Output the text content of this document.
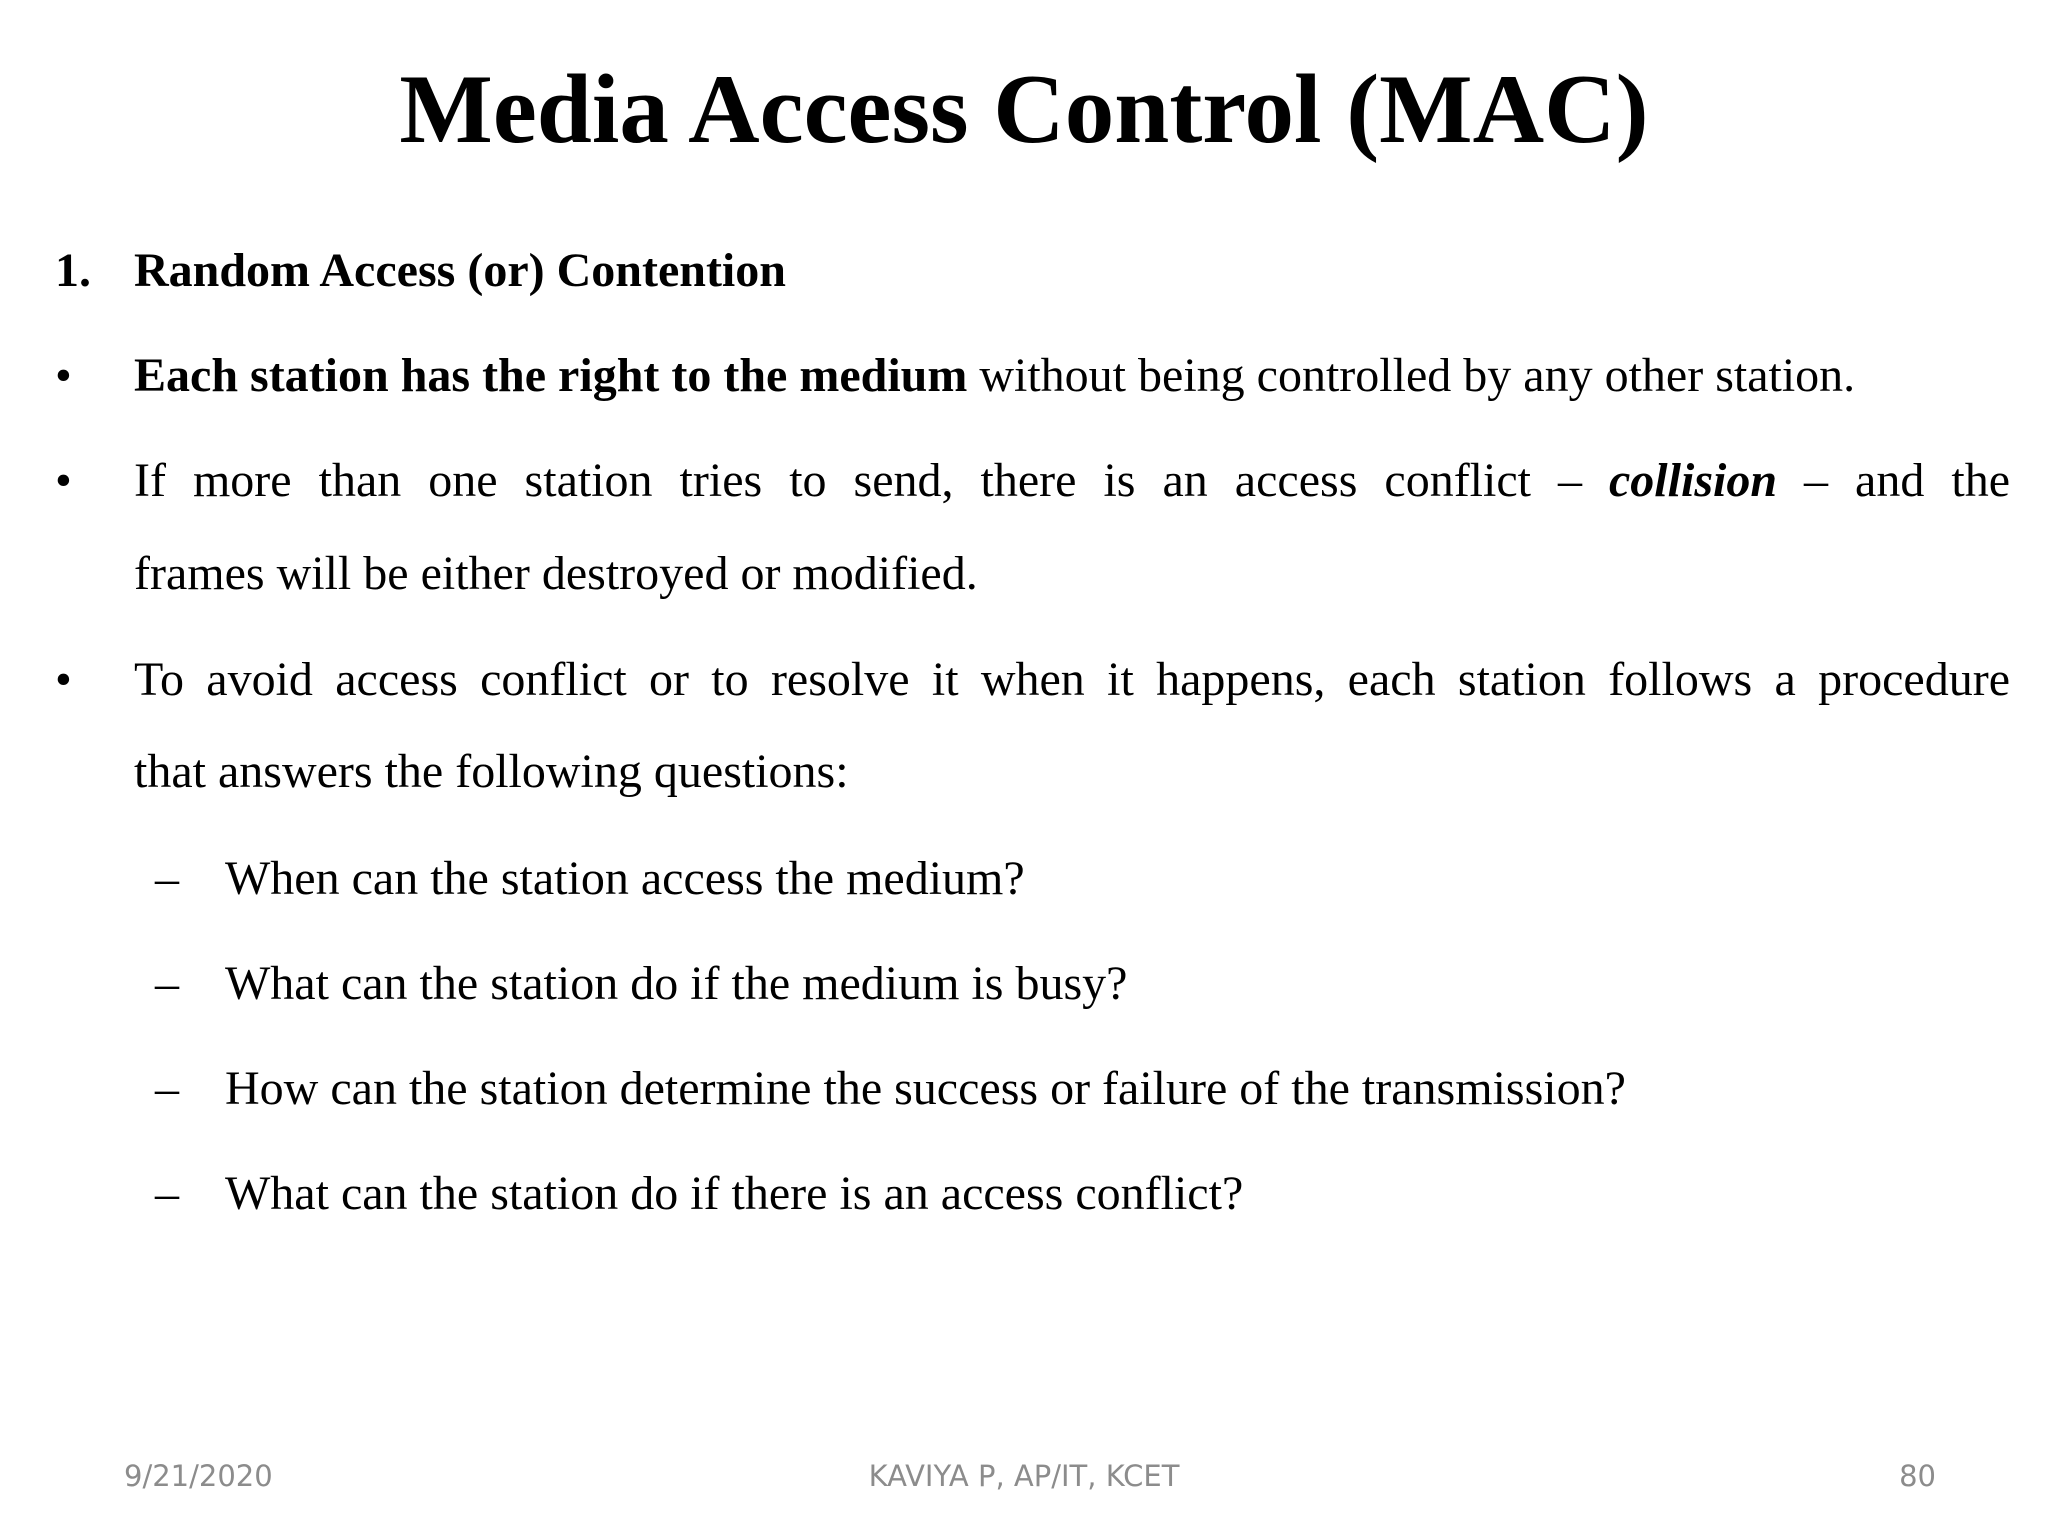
Media Access Control (MAC)
1. Random Access (or) Contention
• Each station has the right to the medium without being controlled by any other station.
• If more than one station tries to send, there is an access conflict – collision – and the
frames will be either destroyed or modified.
• To avoid access conflict or to resolve it when it happens, each station follows a procedure
that answers the following questions:
– When can the station access the medium?
– What can the station do if the medium is busy?
– How can the station determine the success or failure of the transmission?
– What can the station do if there is an access conflict?
9/21/2020	KAVIYA P, AP/IT, KCET	80
